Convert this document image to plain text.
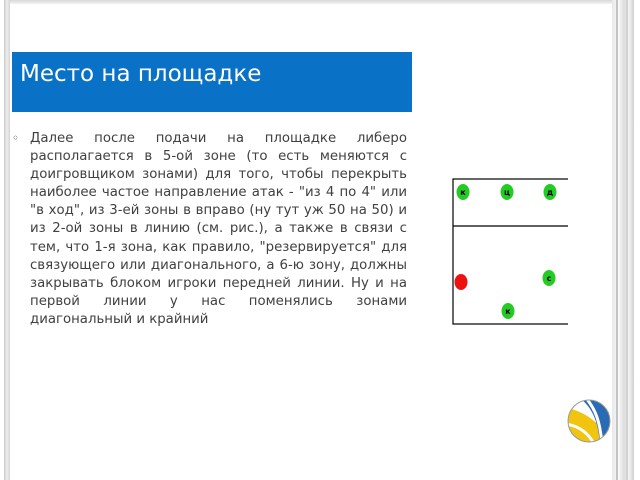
Место на площадке
◦ Далее после подачи на площадке либеро располагается в 5-ой зоне (то есть меняются с доигровщиком зонами) для того, чтобы перекрыть наиболее частое направление атак - "из 4 по 4" или "в ход", из 3-ей зоны в вправо (ну тут уж 50 на 50) и из 2-ой зоны в линию (см. рис.), а также в связи с тем, что 1-я зона, как правило, "резервируется" для связующего или диагонального, а 6-ю зону, должны закрывать блоком игроки передней линии. Ну и на первой линии у нас поменялись зонами диагональный и крайний
к	ц	д
с
к
